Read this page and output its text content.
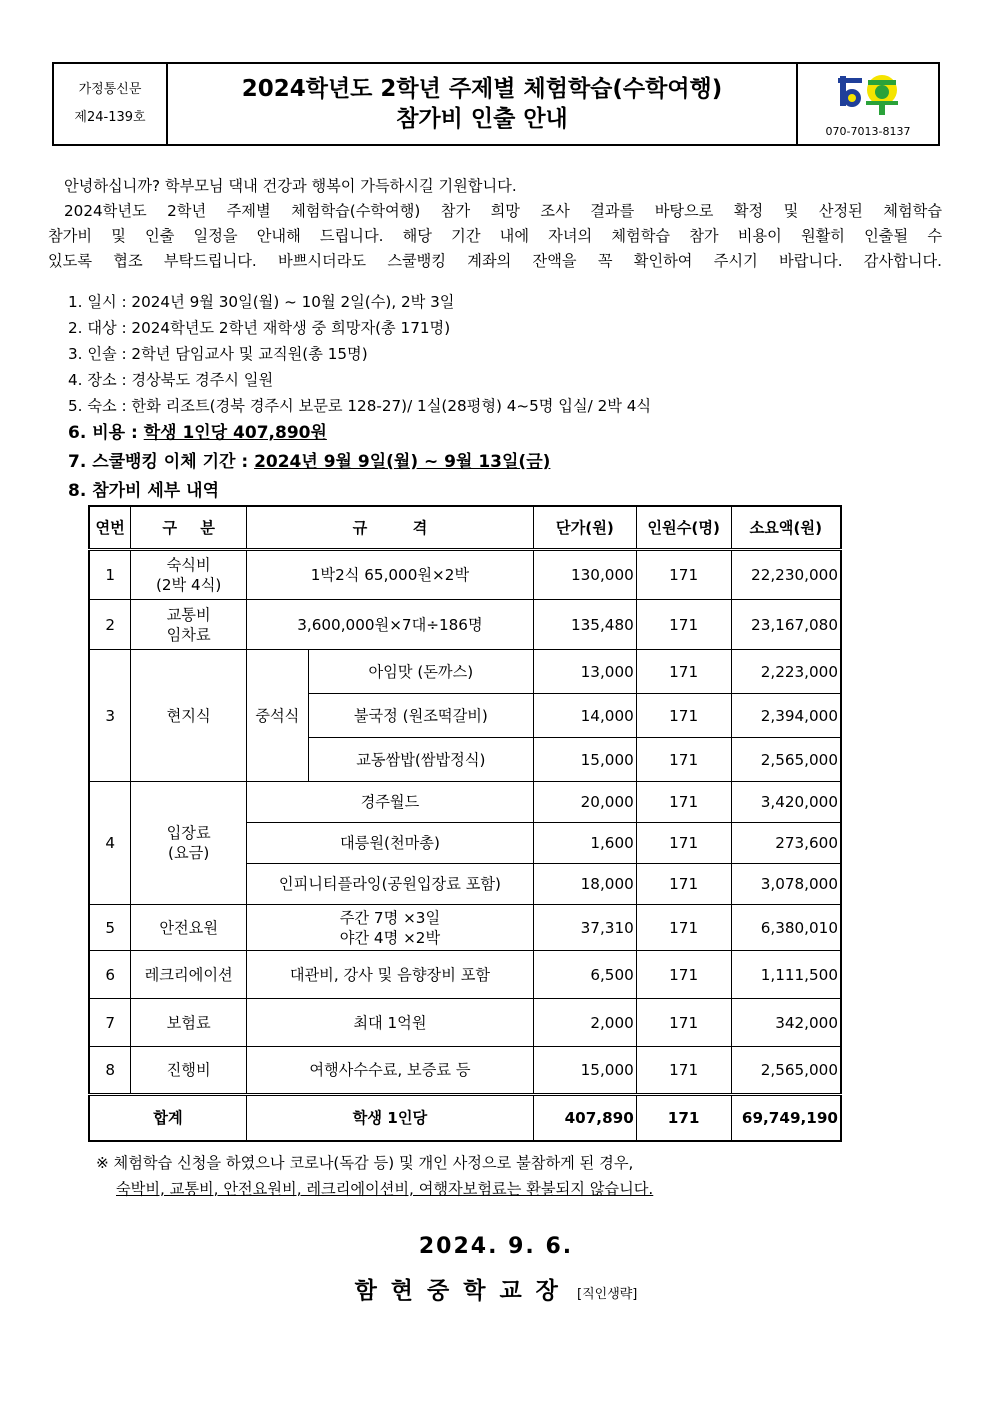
가정통신문
제24-139호
2024학년도 2학년 주제별 체험학습(수학여행)
참가비 인출 안내	070-7013-8137

안녕하십니까? 학부모님 댁내 건강과 행복이 가득하시길 기원합니다.

2024학년도 2학년 주제별 체험학습(수학여행) 참가 희망 조사 결과를 바탕으로 확정 및 산정된 체험학습

참가비 및 인출 일정을 안내해 드립니다. 해당 기간 내에 자녀의 체험학습 참가 비용이 원활히 인출될 수

있도록 협조 부탁드립니다. 바쁘시더라도 스쿨뱅킹 계좌의 잔액을 꼭 확인하여 주시기 바랍니다. 감사합니다.

1. 일시 : 2024년 9월 30일(월) ~ 10월 2일(수), 2박 3일
2. 대상 : 2024학년도 2학년 재학생 중 희망자(총 171명)
3. 인솔 : 2학년 담임교사 및 교직원(총 15명)
4. 장소 : 경상북도 경주시 일원
5. 숙소 : 한화 리조트(경북 경주시 보문로 128-27)/ 1실(28평형) 4~5명 입실/ 2박 4식
6. 비용 : 학생 1인당 407,890원
7. 스쿨뱅킹 이체 기간 : 2024년 9월 9일(월) ~ 9월 13일(금)
8. 참가비 세부 내역
연번	구 분	규 격		단가(원)	인원수(명)	소요액(원)
1	숙식비
(2박 4식)	1박2식 65,000원×2박		130,000	171	22,230,000
2	교통비
임차료	3,600,000원×7대÷186명		135,480	171	23,167,080
3	현지식	중석식	아임맛 (돈까스)	13,000	171	2,223,000
			불국정 (원조떡갈비)	14,000	171	2,394,000
			교동쌈밥(쌈밥정식)	15,000	171	2,565,000
4	입장료
(요금)	경주월드		20,000	171	3,420,000
		대릉원(천마총)		1,600	171	273,600
		인피니티플라잉(공원입장료 포함)		18,000	171	3,078,000
5	안전요원	주간 7명 ×3일
야간 4명 ×2박		37,310	171	6,380,010
6	레크리에이션	대관비, 강사 및 음향장비 포함		6,500	171	1,111,500
7	보험료	최대 1억원		2,000	171	342,000
8	진행비	여행사수수료, 보증료 등		15,000	171	2,565,000
합계		학생 1인당		407,890	171	69,749,190
※ 체험학습 신청을 하였으나 코로나(독감 등) 및 개인 사정으로 불참하게 된 경우,
숙박비, 교통비, 안전요원비, 레크리에이션비, 여행자보험료는 환불되지 않습니다.
2024. 9. 6.
함현중학교장 [직인생략]
